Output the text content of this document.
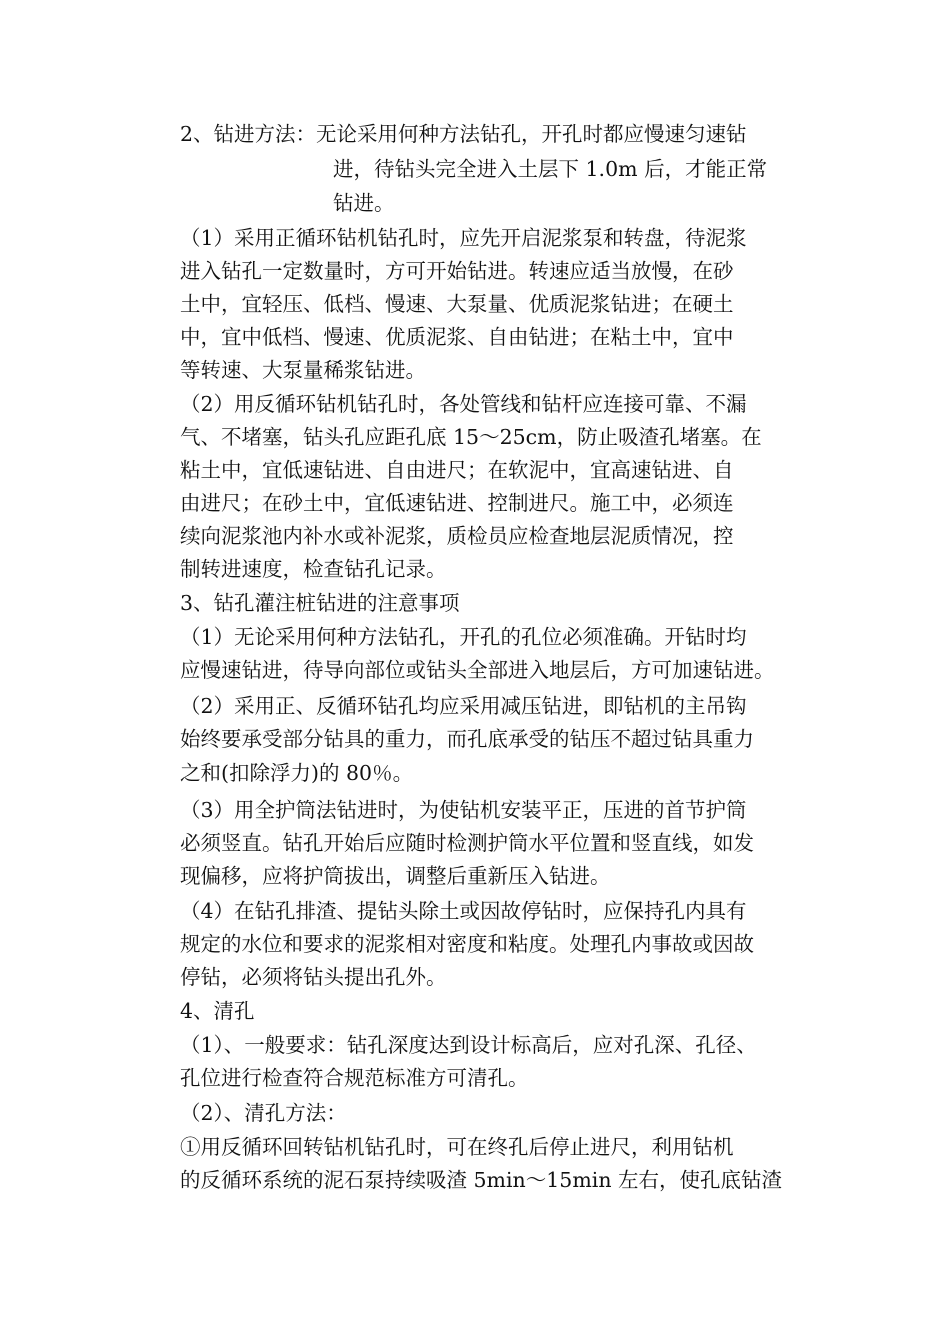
2、钻进方法：无论采用何种方法钻孔，开孔时都应慢速匀速钻
进，待钻头完全进入土层下 1.0m 后，才能正常
钻进。
（1）采用正循环钻机钻孔时，应先开启泥浆泵和转盘，待泥浆
进入钻孔一定数量时，方可开始钻进。转速应适当放慢，在砂
土中，宜轻压、低档、慢速、大泵量、优质泥浆钻进；在硬土
中，宜中低档、慢速、优质泥浆、自由钻进；在粘土中，宜中
等转速、大泵量稀浆钻进。
（2）用反循环钻机钻孔时，各处管线和钻杆应连接可靠、不漏
气、不堵塞，钻头孔应距孔底 15～25cm，防止吸渣孔堵塞。在
粘土中，宜低速钻进、自由进尺；在软泥中，宜高速钻进、自
由进尺；在砂土中，宜低速钻进、控制进尺。施工中，必须连
续向泥浆池内补水或补泥浆，质检员应检查地层泥质情况，控
制转进速度，检查钻孔记录。
3、钻孔灌注桩钻进的注意事项
（1）无论采用何种方法钻孔，开孔的孔位必须准确。开钻时均
应慢速钻进，待导向部位或钻头全部进入地层后，方可加速钻进。
（2）采用正、反循环钻孔均应采用减压钻进，即钻机的主吊钩
始终要承受部分钻具的重力，而孔底承受的钻压不超过钻具重力
之和(扣除浮力)的 80％。
（3）用全护筒法钻进时，为使钻机安装平正，压进的首节护筒
必须竖直。钻孔开始后应随时检测护筒水平位置和竖直线，如发
现偏移，应将护筒拔出，调整后重新压入钻进。
（4）在钻孔排渣、提钻头除土或因故停钻时，应保持孔内具有
规定的水位和要求的泥浆相对密度和粘度。处理孔内事故或因故
停钻，必须将钻头提出孔外。
4、清孔
（1）、一般要求：钻孔深度达到设计标高后，应对孔深、孔径、
孔位进行检查符合规范标准方可清孔。
（2）、清孔方法：
①用反循环回转钻机钻孔时，可在终孔后停止进尺，利用钻机
的反循环系统的泥石泵持续吸渣 5min～15min 左右，使孔底钻渣
